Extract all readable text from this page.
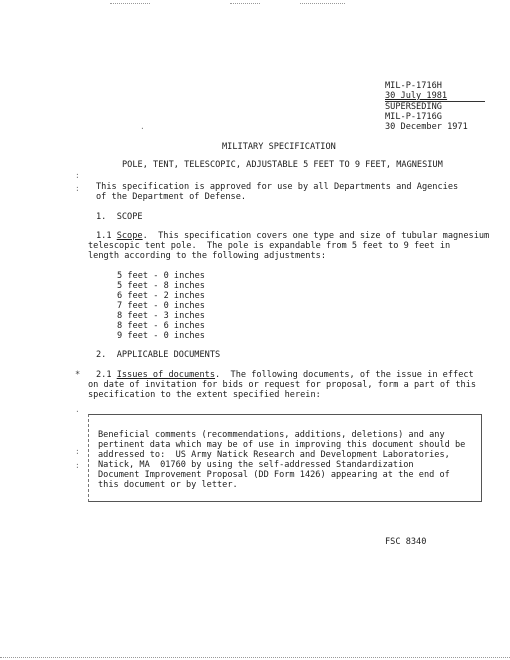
MIL-P-1716H
30 July 1981
SUPERSEDING
MIL-P-1716G
30 December 1971
MILITARY SPECIFICATION
POLE, TENT, TELESCOPIC, ADJUSTABLE 5 FEET TO 9 FEET, MAGNESIUM
This specification is approved for use by all Departments and Agencies
of the Department of Defense.
1.  SCOPE
1.1 Scope.  This specification covers one type and size of tubular magnesium
telescopic tent pole.  The pole is expandable from 5 feet to 9 feet in
length according to the following adjustments:
5 feet - 0 inches
5 feet - 8 inches
6 feet - 2 inches
7 feet - 0 inches
8 feet - 3 inches
8 feet - 6 inches
9 feet - 0 inches
2.  APPLICABLE DOCUMENTS
* 2.1 Issues of documents.  The following documents, of the issue in effect
on date of invitation for bids or request for proposal, form a part of this
specification to the extent specified herein:
Beneficial comments (recommendations, additions, deletions) and any
pertinent data which may be of use in improving this document should be
addressed to:  US Army Natick Research and Development Laboratories,
Natick, MA  01760 by using the self-addressed Standardization
Document Improvement Proposal (DD Form 1426) appearing at the end of
this document or by letter.
FSC 8340
:
:
·
:
:
·
